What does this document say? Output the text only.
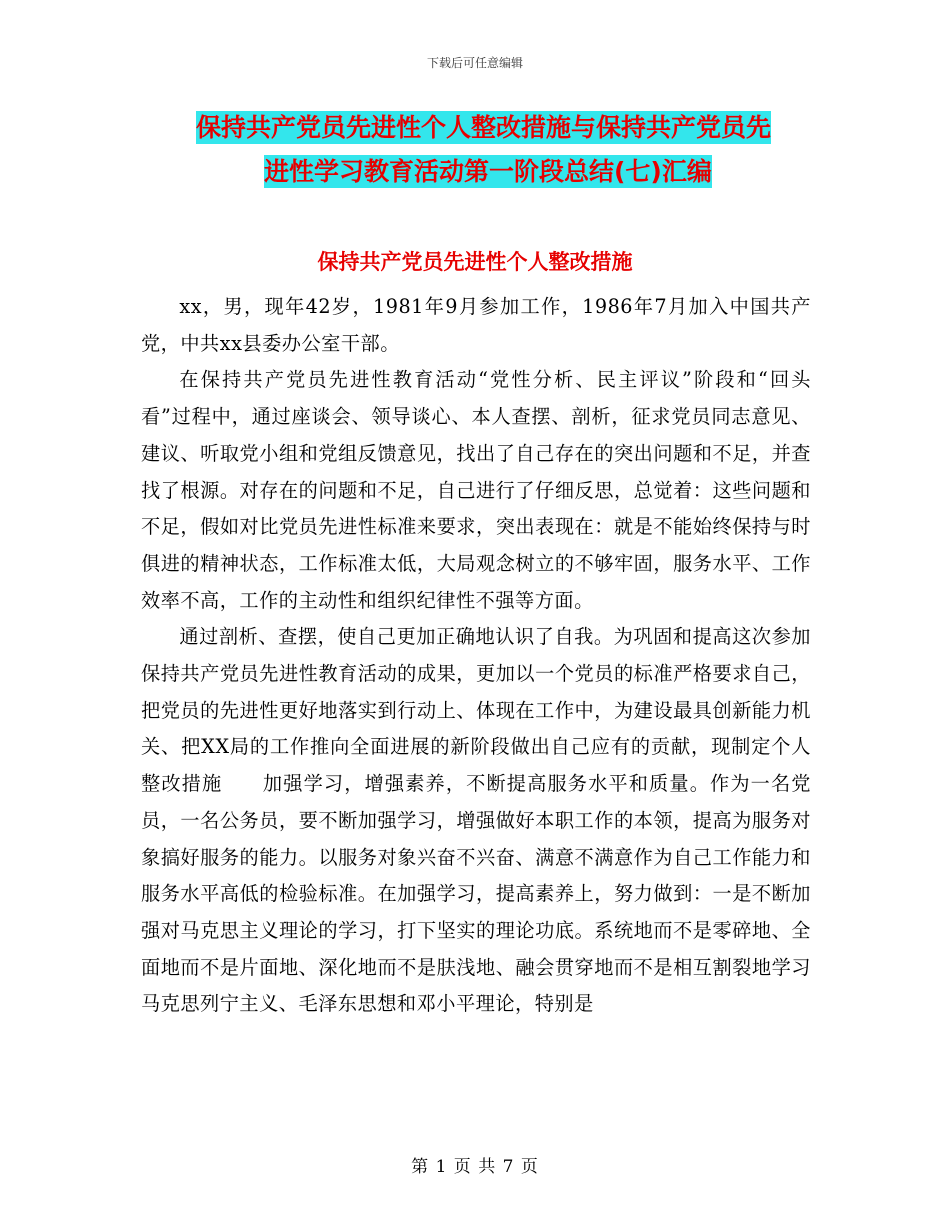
下载后可任意编辑
保持共产党员先进性个人整改措施与保持共产党员先
进性学习教育活动第一阶段总结(七)汇编
保持共产党员先进性个人整改措施

xx，男，现年42岁，1981年9月参加工作，1986年7月加入中国共产党，中共xx县委办公室干部。

在保持共产党员先进性教育活动“党性分析、民主评议”阶段和“回头看”过程中，通过座谈会、领导谈心、本人查摆、剖析，征求党员同志意见、建议、听取党小组和党组反馈意见，找出了自己存在的突出问题和不足，并查找了根源。对存在的问题和不足，自己进行了仔细反思，总觉着：这些问题和不足，假如对比党员先进性标准来要求，突出表现在：就是不能始终保持与时俱进的精神状态，工作标准太低，大局观念树立的不够牢固，服务水平、工作效率不高，工作的主动性和组织纪律性不强等方面。

通过剖析、查摆，使自己更加正确地认识了自我。为巩固和提高这次参加保持共产党员先进性教育活动的成果，更加以一个党员的标准严格要求自己，把党员的先进性更好地落实到行动上、体现在工作中，为建设最具创新能力机关、把XX局的工作推向全面进展的新阶段做出自己应有的贡献，现制定个人整改措施　　加强学习，增强素养，不断提高服务水平和质量。作为一名党员，一名公务员，要不断加强学习，增强做好本职工作的本领，提高为服务对象搞好服务的能力。以服务对象兴奋不兴奋、满意不满意作为自己工作能力和服务水平高低的检验标准。在加强学习，提高素养上，努力做到：一是不断加强对马克思主义理论的学习，打下坚实的理论功底。系统地而不是零碎地、全面地而不是片面地、深化地而不是肤浅地、融会贯穿地而不是相互割裂地学习马克思列宁主义、毛泽东思想和邓小平理论，特别是

第 1 页 共 7 页
